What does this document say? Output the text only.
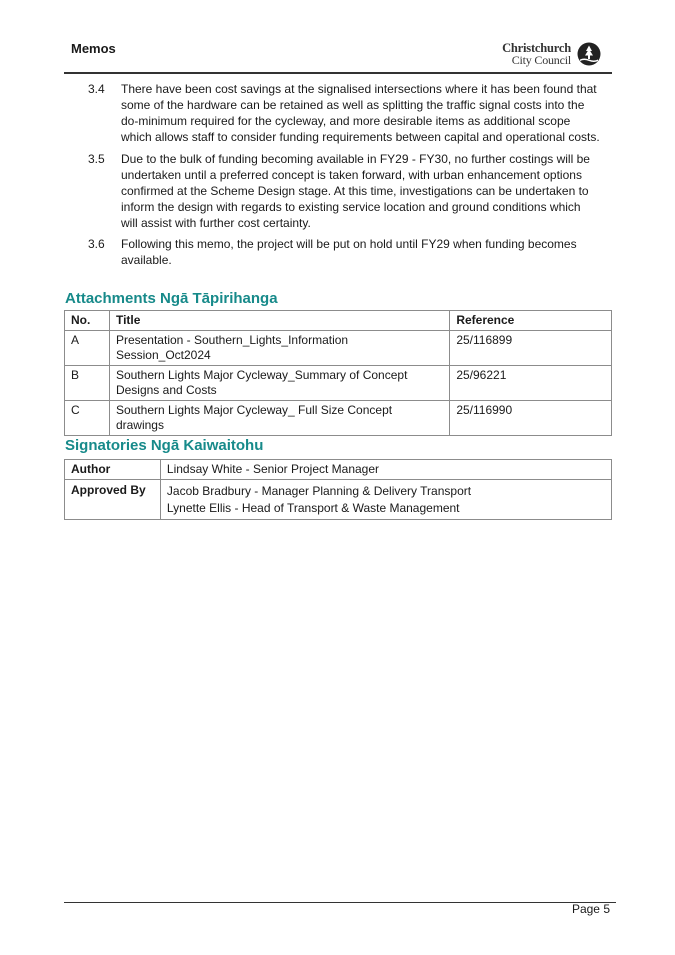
Memos	Christchurch
City Council
3.4 There have been cost savings at the signalised intersections where it has been found that some of the hardware can be retained as well as splitting the traffic signal costs into the do-minimum required for the cycleway, and more desirable items as additional scope which allows staff to consider funding requirements between capital and operational costs.
3.5 Due to the bulk of funding becoming available in FY29 - FY30, no further costings will be undertaken until a preferred concept is taken forward, with urban enhancement options confirmed at the Scheme Design stage. At this time, investigations can be undertaken to inform the design with regards to existing service location and ground conditions which will assist with further cost certainty.
3.6 Following this memo, the project will be put on hold until FY29 when funding becomes available.
Attachments Ngā Tāpirihanga
No.	Title	Reference
A	Presentation - Southern_Lights_Information Session_Oct2024	25/116899
B	Southern Lights Major Cycleway_Summary of Concept Designs and Costs	25/96221
C	Southern Lights Major Cycleway_ Full Size Concept drawings	25/116990
Signatories Ngā Kaiwaitohu
Author	Lindsay White - Senior Project Manager
Approved By	Jacob Bradbury - Manager Planning & Delivery Transport
Lynette Ellis - Head of Transport & Waste Management
Page 5
